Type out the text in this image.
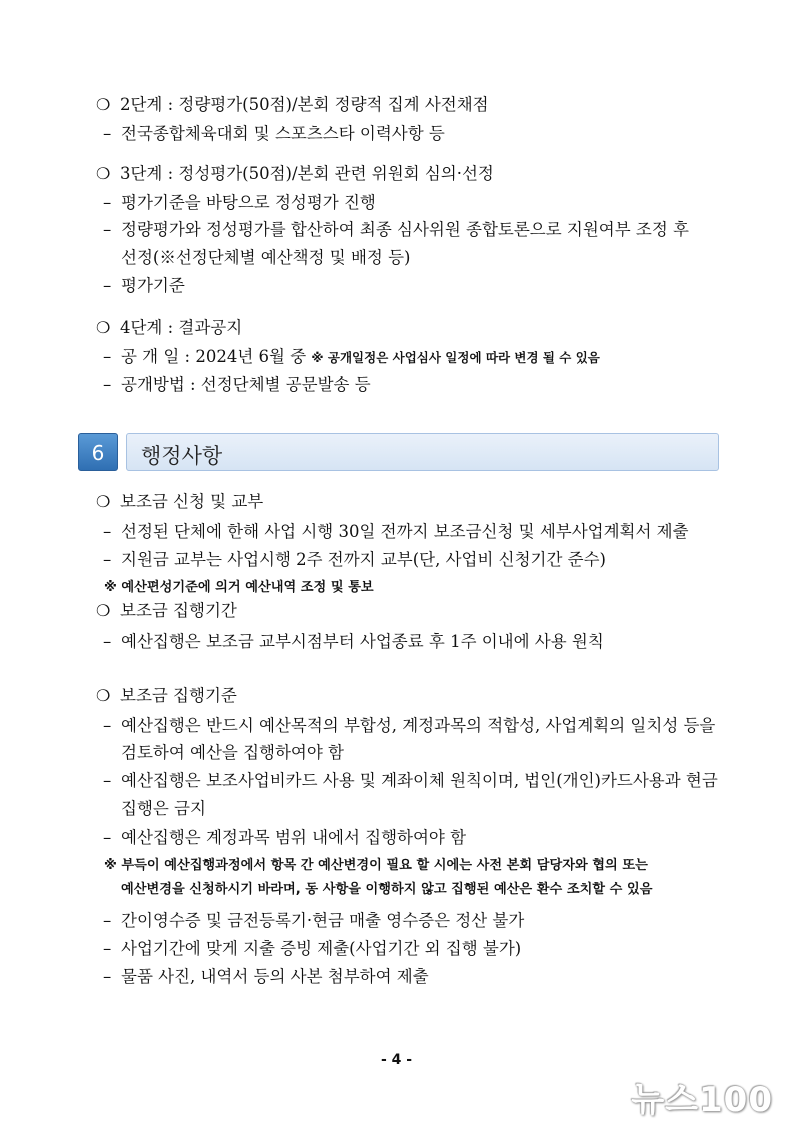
❍ 2단계 : 정량평가(50점)/본회 정량적 집계 사전채점
– 전국종합체육대회 및 스포츠스타 이력사항 등
❍ 3단계 : 정성평가(50점)/본회 관련 위원회 심의·선정
– 평가기준을 바탕으로 정성평가 진행
– 정량평가와 정성평가를 합산하여 최종 심사위원 종합토론으로 지원여부 조정 후
선정(※선정단체별 예산책정 및 배정 등)
– 평가기준
❍ 4단계 : 결과공지
– 공 개 일 : 2024년 6월 중 ※ 공개일정은 사업심사 일정에 따라 변경 될 수 있음
– 공개방법 : 선정단체별 공문발송 등
6	행정사항
❍ 보조금 신청 및 교부
– 선정된 단체에 한해 사업 시행 30일 전까지 보조금신청 및 세부사업계획서 제출
– 지원금 교부는 사업시행 2주 전까지 교부(단, 사업비 신청기간 준수)
※ 예산편성기준에 의거 예산내역 조정 및 통보
❍ 보조금 집행기간
– 예산집행은 보조금 교부시점부터 사업종료 후 1주 이내에 사용 원칙
❍ 보조금 집행기준
– 예산집행은 반드시 예산목적의 부합성, 계정과목의 적합성, 사업계획의 일치성 등을
검토하여 예산을 집행하여야 함
– 예산집행은 보조사업비카드 사용 및 계좌이체 원칙이며, 법인(개인)카드사용과 현금
집행은 금지
– 예산집행은 계정과목 범위 내에서 집행하여야 함
※ 부득이 예산집행과정에서 항목 간 예산변경이 필요 할 시에는 사전 본회 담당자와 협의 또는
예산변경을 신청하시기 바라며, 동 사항을 이행하지 않고 집행된 예산은 환수 조치할 수 있음
– 간이영수증 및 금전등록기·현금 매출 영수증은 정산 불가
– 사업기간에 맞게 지출 증빙 제출(사업기간 외 집행 불가)
– 물품 사진, 내역서 등의 사본 첨부하여 제출
- 4 -
뉴스100
